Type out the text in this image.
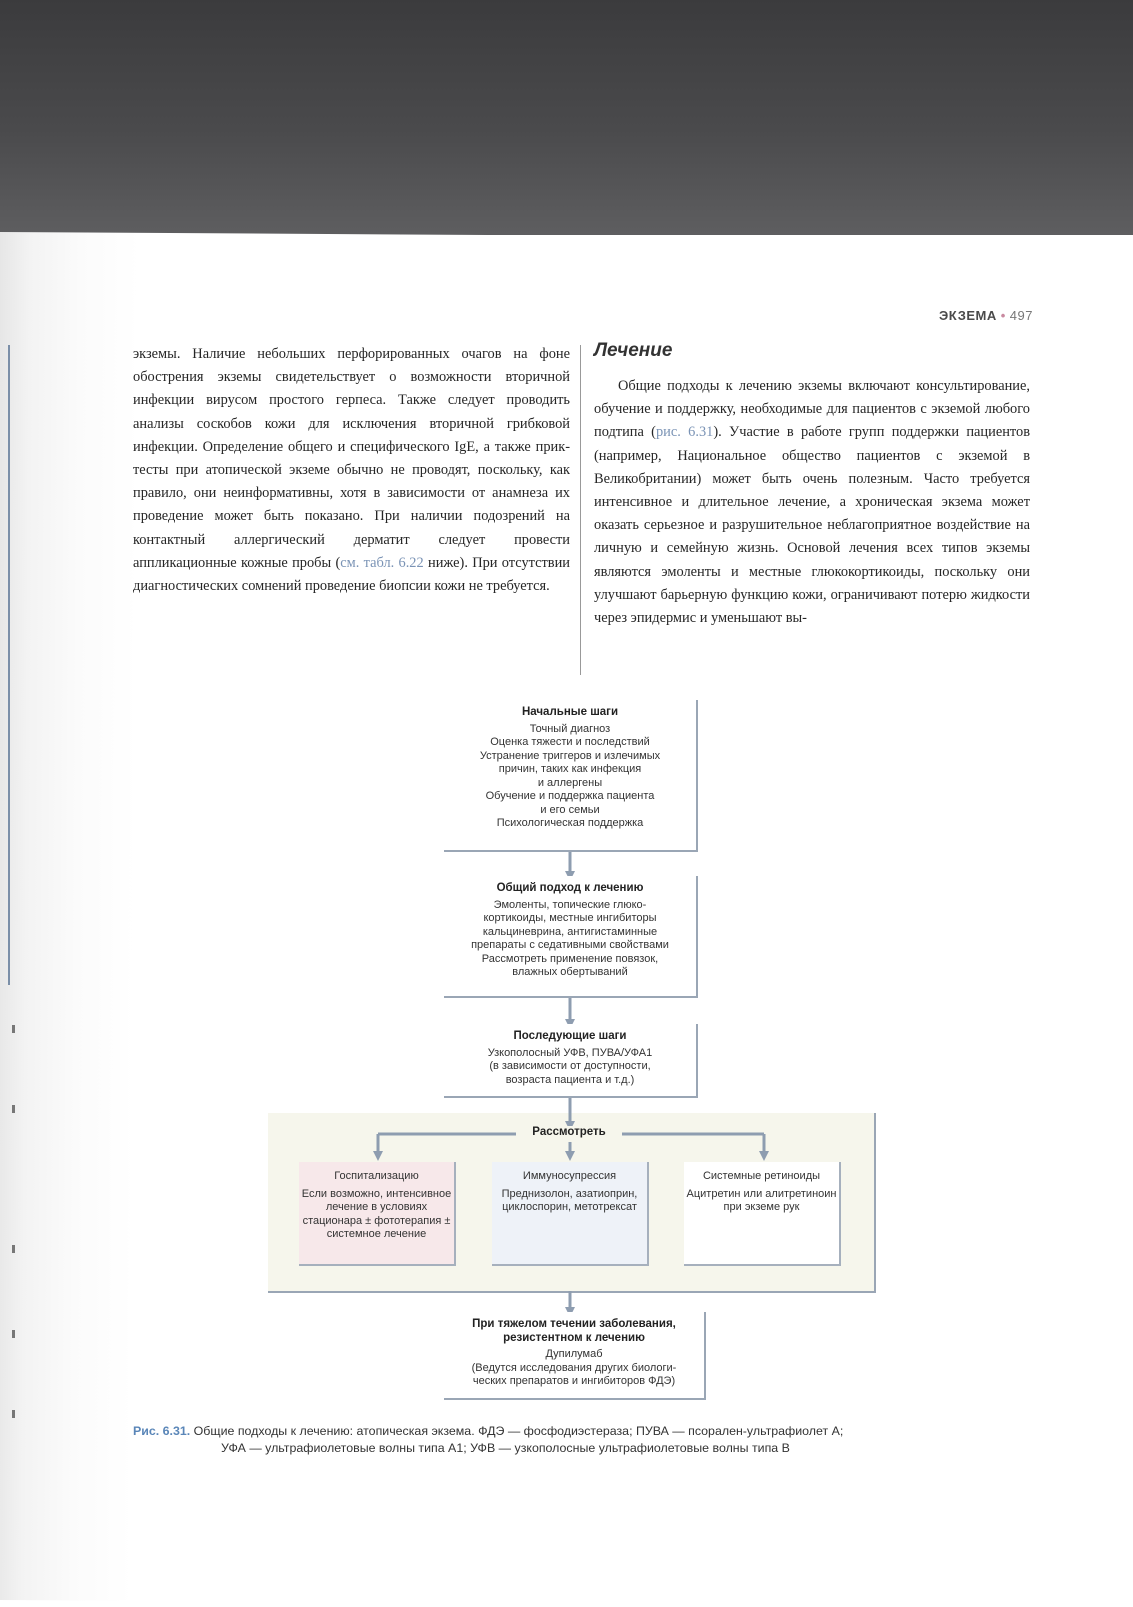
ЭКЗЕМА • 497
экземы. Наличие небольших перфорированных очагов на фоне обострения экземы свидетельствует о возможности вторичной инфекции вирусом простого герпеса. Также следует проводить анализы соскобов кожи для исключения вторичной грибковой инфекции. Определение общего и специфического IgE, а также прик-тесты при атопической экземе обычно не проводят, поскольку, как правило, они неинформативны, хотя в зависимости от анамнеза их проведение может быть показано. При наличии подозрений на контактный аллергический дерматит следует провести аппликационные кожные пробы (см. табл. 6.22 ниже). При отсутствии диагностических сомнений проведение биопсии кожи не требуется.
Лечение
Общие подходы к лечению экземы включают консультирование, обучение и поддержку, необходимые для пациентов с экземой любого подтипа (рис. 6.31). Участие в работе групп поддержки пациентов (например, Национальное общество пациентов с экземой в Великобритании) может быть очень полезным. Часто требуется интенсивное и длительное лечение, а хроническая экзема может оказать серьезное и разрушительное неблагоприятное воздействие на личную и семейную жизнь. Основой лечения всех типов экземы являются эмоленты и местные глюкокортикоиды, поскольку они улучшают барьерную функцию кожи, ограничивают потерю жидкости через эпидермис и уменьшают вы-
Начальные шаги
Точный диагноз
Оценка тяжести и последствий
Устранение триггеров и излечимых
причин, таких как инфекция
и аллергены
Обучение и поддержка пациента
и его семьи
Психологическая поддержка
Общий подход к лечению
Эмоленты, топические глюко-
кортикоиды, местные ингибиторы
кальциневрина, антигистаминные
препараты с седативными свойствами
Рассмотреть применение повязок,
влажных обертываний
Последующие шаги
Узкополосный УФВ, ПУВА/УФА1
(в зависимости от доступности,
возраста пациента и т.д.)
Рассмотреть
Госпитализацию
Если возможно, интенсивное лечение в условиях стационара ± фототерапия ± системное лечение
Иммуносупрессия
Преднизолон, азатиоприн, циклоспорин, метотрексат
Системные ретиноиды
Ацитретин или алитретиноин при экземе рук
При тяжелом течении заболевания,
резистентном к лечению
Дупилумаб
(Ведутся исследования других биологи-
ческих препаратов и ингибиторов ФДЭ)
Рис. 6.31. Общие подходы к лечению: атопическая экзема. ФДЭ — фосфодиэстераза; ПУВА — псорален-ультрафиолет А;
УФА — ультрафиолетовые волны типа А1; УФВ — узкополосные ультрафиолетовые волны типа В
